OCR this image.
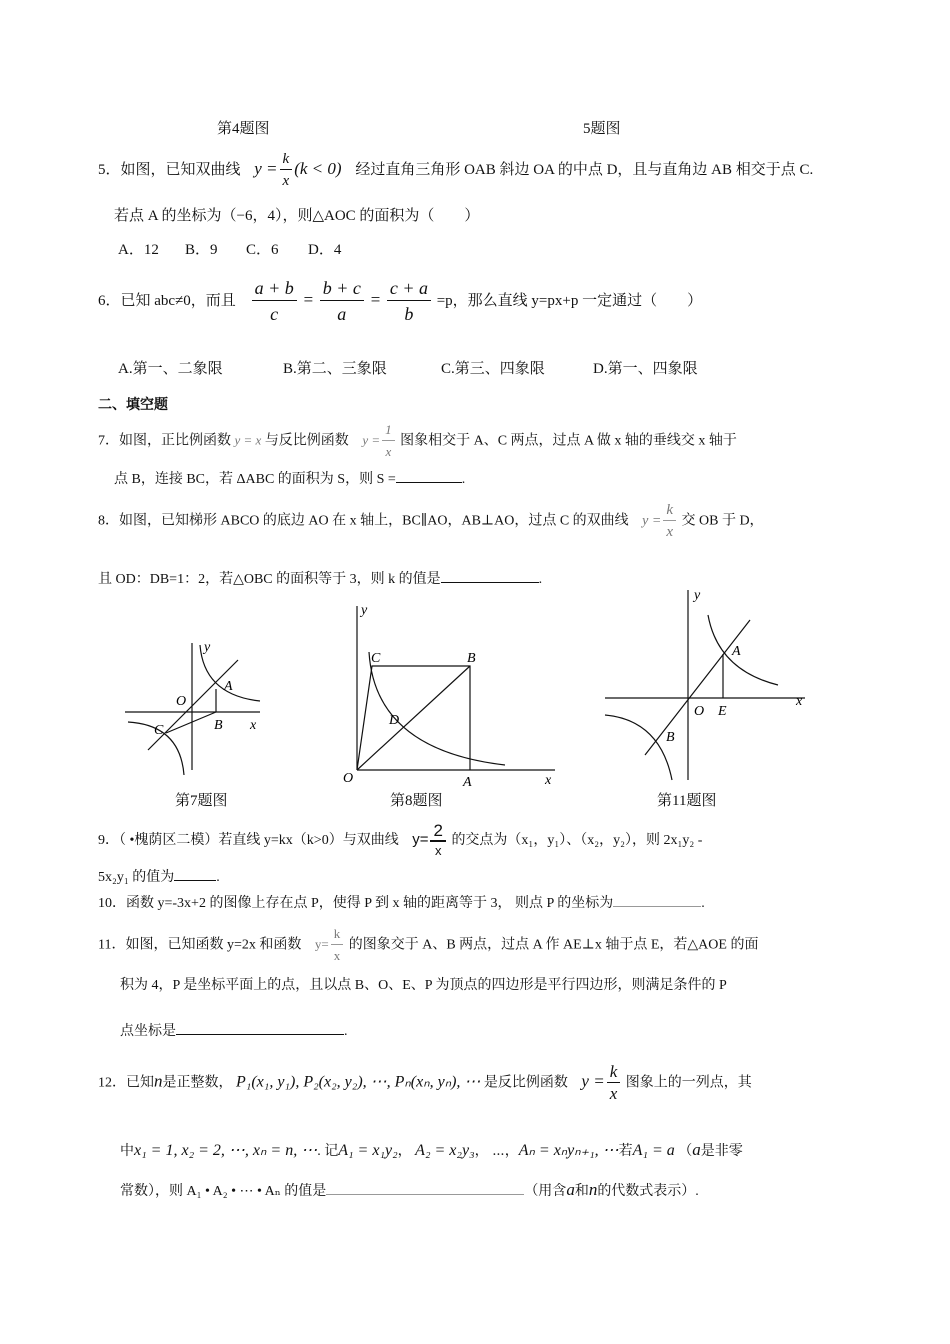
第4题图	5题图
5．如图，已知双曲线 $y = \frac{k}{x} (k < 0)$ 经过直角三角形 OAB 斜边 OA 的中点 D，且与直角边 AB 相交于点 C.
若点 A 的坐标为（−6，4），则△AOC 的面积为（　　）
A．12 B．9 C．6 D．4
6．已知 abc≠0，而且 $\frac{a + b}{c} = \frac{b + c}{a} = \frac{c + a}{b} =p$，那么直线 y=px+p 一定通过（　　）
A.第一、二象限	B.第二、三象限	C.第三、四象限	D.第一、四象限
二、填空题
7．如图，正比例函数 y = x 与反比例函数 $y = \frac{1}{x}$ 图象相交于 A、C 两点，过点 A 做 x 轴的垂线交 x 轴于
点 B，连接 BC，若 ΔABC 的面积为 S，则 S =	.
8．如图，已知梯形 ABCO 的底边 AO 在 x 轴上，BC∥AO，AB⊥AO，过点 C 的双曲线 $y = \frac{k}{x}$ 交 OB 于 D，
且 OD：DB=1：2，若△OBC 的面积等于 3，则 k 的值是	.
y
O
A
B
C	x
y
C	B
D
O	A	x
y
A
O E
x
B
第7题图	第8题图	第11题图
9．（ •槐荫区二模）若直线 y=kx（k>0）与双曲线 $y= \frac{2}{x}$ 的交点为（x₁，y₁）、（x₂，y₂），则 2x₁y₂ -
5x₂y₁ 的值为	.
10．函数 y=-3x+2 的图像上存在点 P，使得 P 到 x 轴的距离等于 3， 则点 P 的坐标为	.
11．如图，已知函数 y=2x 和函数 $y= \frac{k}{x}$ 的图象交于 A、B 两点，过点 A 作 AE⊥x 轴于点 E，若△AOE 的面
积为 4，P 是坐标平面上的点，且以点 B、O、E、P 为顶点的四边形是平行四边形，则满足条件的 P
点坐标是	.
12．已知n是正整数， P₁(x₁, y₁), P₂(x₂, y₂), ⋯, Pₙ(xₙ, yₙ), ⋯ 是反比例函数 $y = \frac{k}{x}$ 图象上的一列点，其
中x₁ = 1, x₂ = 2, ⋯, xₙ = n, ⋯. 记A₁ = x₁y₂， A₂ = x₂y₃， ⋯，Aₙ = xₙyₙ₊₁, ⋯若A₁ = a （a是非零
常数），则 A₁ • A₂ • ⋯ • Aₙ 的值是	（用含a和n的代数式表示）.
